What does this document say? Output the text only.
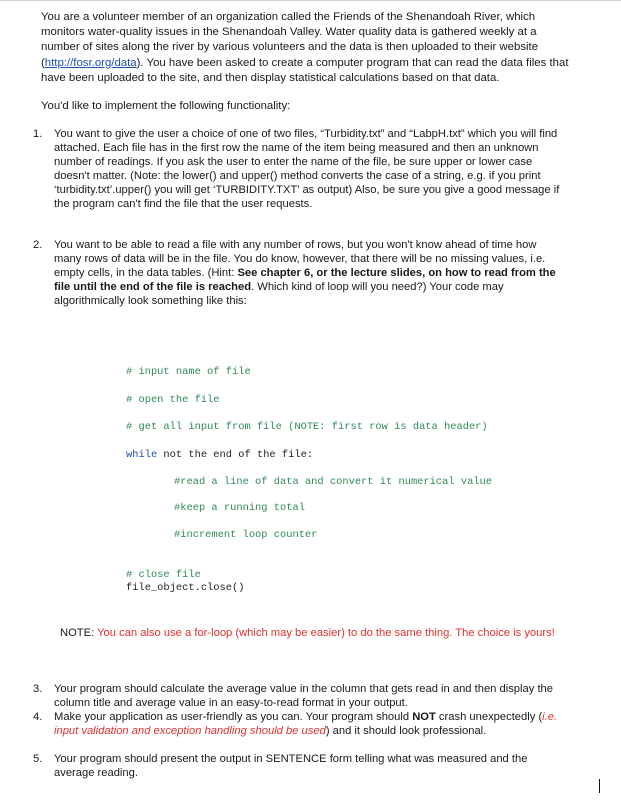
You are a volunteer member of an organization called the Friends of the Shenandoah River, which monitors water-quality issues in the Shenandoah Valley. Water quality data is gathered weekly at a number of sites along the river by various volunteers and the data is then uploaded to their website (http://fosr.org/data). You have been asked to create a computer program that can read the data files that have been uploaded to the site, and then display statistical calculations based on that data.

You'd like to implement the following functionality:

1.	You want to give the user a choice of one of two files, “Turbidity.txt” and “LabpH.txt” which you will find attached. Each file has in the first row the name of the item being measured and then an unknown number of readings. If you ask the user to enter the name of the file, be sure upper or lower case doesn't matter. (Note: the lower() and upper() method converts the case of a string, e.g. if you print ‘turbidity.txt’.upper() you will get ‘TURBIDITY.TXT’ as output) Also, be sure you give a good message if the program can't find the file that the user requests.

2.	You want to be able to read a file with any number of rows, but you won't know ahead of time how many rows of data will be in the file. You do know, however, that there will be no missing values, i.e. empty cells, in the data tables. (Hint: See chapter 6, or the lecture slides, on how to read from the file until the end of the file is reached. Which kind of loop will you need?) Your code may algorithmically look something like this:

# input name of file
# open the file
# get all input from file (NOTE: first row is data header)
while not the end of the file:
#read a line of data and convert it numerical value
#keep a running total
#increment loop counter
# close file
file_object.close()

NOTE: You can also use a for-loop (which may be easier) to do the same thing. The choice is yours!

3.	Your program should calculate the average value in the column that gets read in and then display the column title and average value in an easy-to-read format in your output.

4.	Make your application as user-friendly as you can. Your program should NOT crash unexpectedly (i.e. input validation and exception handling should be used) and it should look professional.

5.	Your program should present the output in SENTENCE form telling what was measured and the average reading.
